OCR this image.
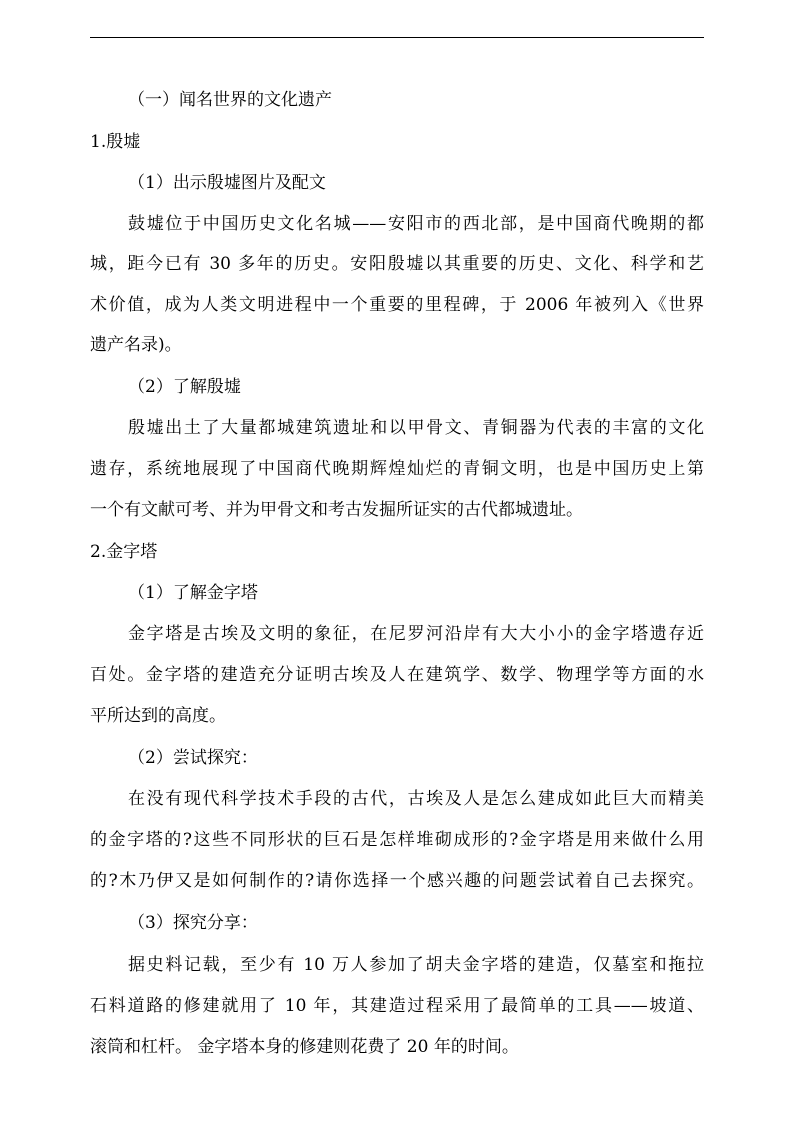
（一）闻名世界的文化遗产
1.殷墟
（1）出示殷墟图片及配文
鼓墟位于中国历史文化名城——安阳市的西北部，是中国商代晚期的都
城，距今已有 30 多年的历史。安阳殷墟以其重要的历史、文化、科学和艺
术价值，成为人类文明进程中一个重要的里程碑，于 2006 年被列入《世界
遗产名录)。
（2）了解殷墟
殷墟出土了大量都城建筑遗址和以甲骨文、青铜器为代表的丰富的文化
遗存，系统地展现了中国商代晚期辉煌灿烂的青铜文明，也是中国历史上第
一个有文献可考、并为甲骨文和考古发掘所证实的古代都城遗址。
2.金字塔
（1）了解金字塔
金字塔是古埃及文明的象征，在尼罗河沿岸有大大小小的金字塔遗存近
百处。金字塔的建造充分证明古埃及人在建筑学、数学、物理学等方面的水
平所达到的高度。
（2）尝试探究：
在没有现代科学技术手段的古代，古埃及人是怎么建成如此巨大而精美
的金字塔的?这些不同形状的巨石是怎样堆砌成形的?金字塔是用来做什么用
的?木乃伊又是如何制作的?请你选择一个感兴趣的问题尝试着自己去探究。
（3）探究分享：
据史料记载，至少有 10 万人参加了胡夫金字塔的建造，仅墓室和拖拉
石料道路的修建就用了 10 年，其建造过程采用了最简单的工具——坡道、
滚筒和杠杆。 金字塔本身的修建则花费了 20 年的时间。
